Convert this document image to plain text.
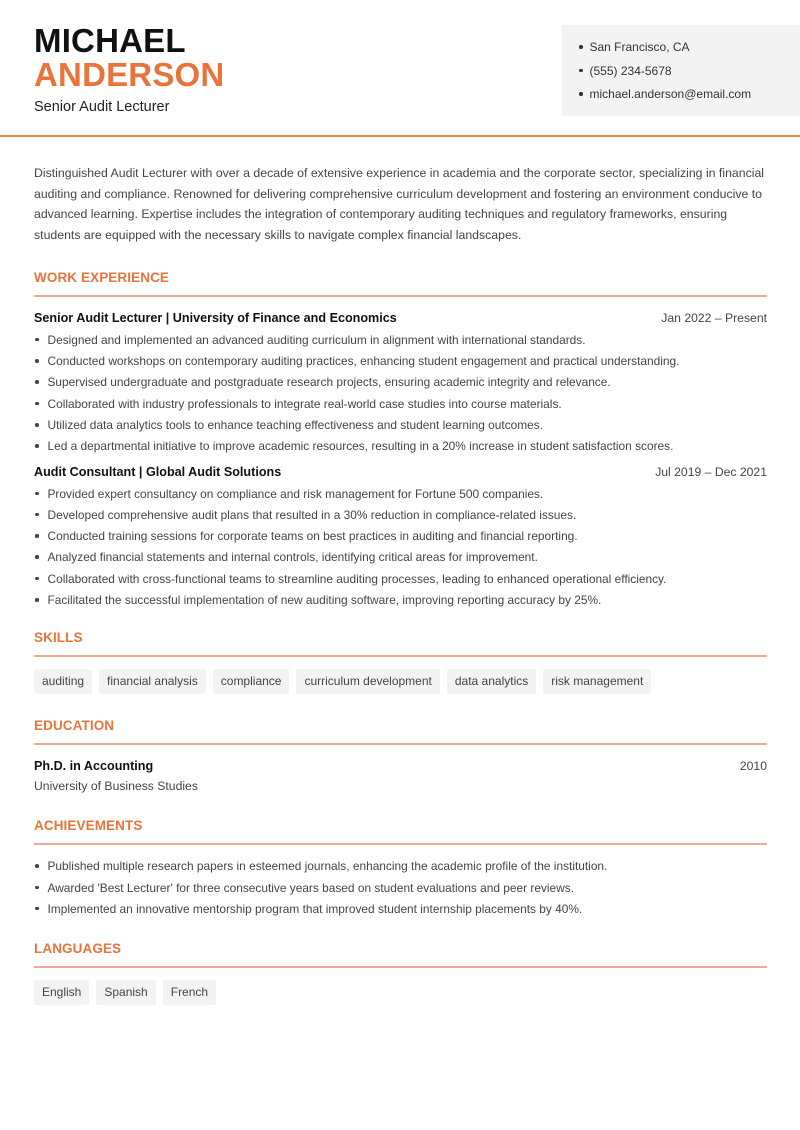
MICHAEL
ANDERSON
Senior Audit Lecturer
San Francisco, CA
(555) 234-5678
michael.anderson@email.com

Distinguished Audit Lecturer with over a decade of extensive experience in academia and the corporate sector, specializing in financial auditing and compliance. Renowned for delivering comprehensive curriculum development and fostering an environment conducive to advanced learning. Expertise includes the integration of contemporary auditing techniques and regulatory frameworks, ensuring students are equipped with the necessary skills to navigate complex financial landscapes.

WORK EXPERIENCE
Senior Audit Lecturer | University of Finance and Economics	Jan 2022 – Present
Designed and implemented an advanced auditing curriculum in alignment with international standards.
Conducted workshops on contemporary auditing practices, enhancing student engagement and practical understanding.
Supervised undergraduate and postgraduate research projects, ensuring academic integrity and relevance.
Collaborated with industry professionals to integrate real-world case studies into course materials.
Utilized data analytics tools to enhance teaching effectiveness and student learning outcomes.
Led a departmental initiative to improve academic resources, resulting in a 20% increase in student satisfaction scores.
Audit Consultant | Global Audit Solutions	Jul 2019 – Dec 2021
Provided expert consultancy on compliance and risk management for Fortune 500 companies.
Developed comprehensive audit plans that resulted in a 30% reduction in compliance-related issues.
Conducted training sessions for corporate teams on best practices in auditing and financial reporting.
Analyzed financial statements and internal controls, identifying critical areas for improvement.
Collaborated with cross-functional teams to streamline auditing processes, leading to enhanced operational efficiency.
Facilitated the successful implementation of new auditing software, improving reporting accuracy by 25%.
SKILLS
auditing	financial analysis	compliance	curriculum development	data analytics	risk management
EDUCATION
Ph.D. in Accounting	2010
University of Business Studies
ACHIEVEMENTS
Published multiple research papers in esteemed journals, enhancing the academic profile of the institution.
Awarded 'Best Lecturer' for three consecutive years based on student evaluations and peer reviews.
Implemented an innovative mentorship program that improved student internship placements by 40%.
LANGUAGES
English	Spanish	French
